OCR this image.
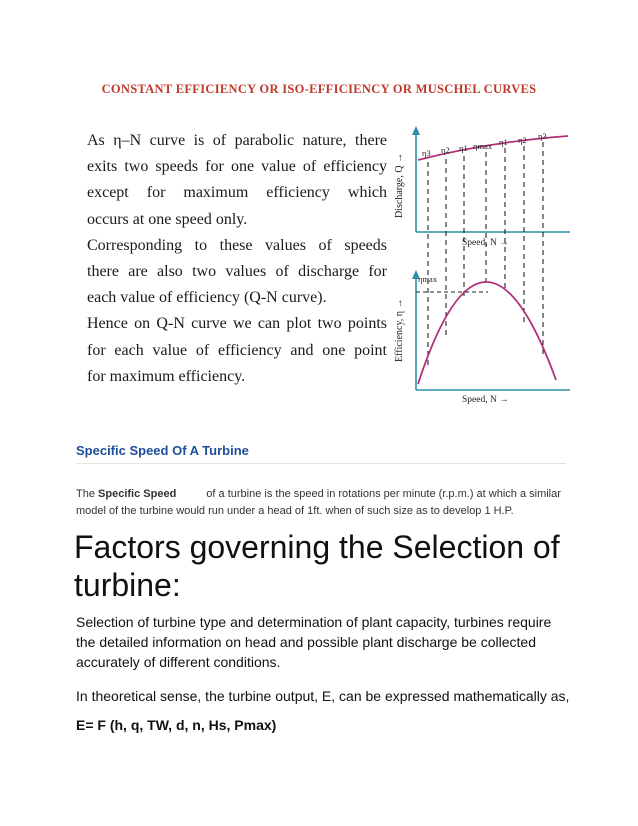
CONSTANT EFFICIENCY OR ISO-EFFICIENCY OR MUSCHEL CURVES
As η–N curve is of parabolic nature, there
exits two speeds for one value of efficiency
except for maximum efficiency which
occurs at one speed only.
Corresponding to these values of speeds
there are also two values of discharge for
each value of efficiency (Q-N curve).
Hence on Q-N curve we can plot two points
for each value of efficiency and one point
for maximum efficiency.
Discharge, Q →
Speed, N →
η3 η2 η1 ηmax η1 η2 η3
Efficiency, η →
Speed, N →
ηmax
Specific Speed Of A Turbine
The Specific Speed	of a turbine is the speed in rotations per minute (r.p.m.) at which a similar model of the turbine would run under a head of 1ft. when of such size as to develop 1 H.P.
Factors governing the Selection of turbine:
Selection of turbine type and determination of plant capacity, turbines require the detailed information on head and possible plant discharge be collected accurately of different conditions.
In theoretical sense, the turbine output, E, can be expressed mathematically as,
E= F (h, q, TW, d, n, Hs, Pmax)
